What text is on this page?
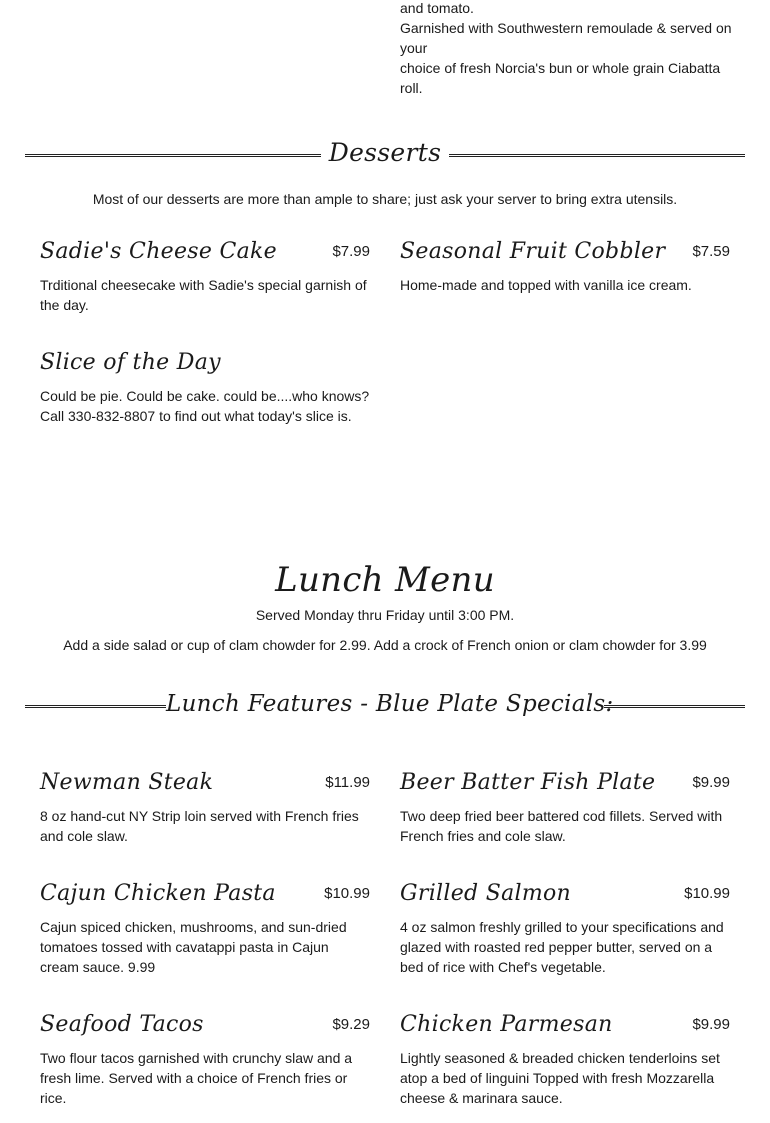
and tomato.
Garnished with Southwestern remoulade & served on
your
choice of fresh Norcia's bun or whole grain Ciabatta
roll.
Desserts
Most of our desserts are more than ample to share; just ask your server to bring extra utensils.
Sadie's Cheese Cake	$7.99
Trditional cheesecake with Sadie's special garnish of the day.
Seasonal Fruit Cobbler	$7.59
Home-made and topped with vanilla ice cream.
Slice of the Day
Could be pie. Could be cake. could be....who knows? Call 330-832-8807 to find out what today's slice is.
Lunch Menu
Served Monday thru Friday until 3:00 PM.
Add a side salad or cup of clam chowder for 2.99. Add a crock of French onion or clam chowder for 3.99
Lunch Features - Blue Plate Specials:
Newman Steak	$11.99
8 oz hand-cut NY Strip loin served with French fries and cole slaw.
Beer Batter Fish Plate	$9.99
Two deep fried beer battered cod fillets. Served with French fries and cole slaw.
Cajun Chicken Pasta	$10.99
Cajun spiced chicken, mushrooms, and sun-dried tomatoes tossed with cavatappi pasta in Cajun cream sauce. 9.99
Grilled Salmon	$10.99
4 oz salmon freshly grilled to your specifications and glazed with roasted red pepper butter, served on a bed of rice with Chef's vegetable.
Seafood Tacos	$9.29
Two flour tacos garnished with crunchy slaw and a fresh lime. Served with a choice of French fries or rice.
Chicken Parmesan	$9.99
Lightly seasoned & breaded chicken tenderloins set atop a bed of linguini Topped with fresh Mozzarella cheese & marinara sauce.
